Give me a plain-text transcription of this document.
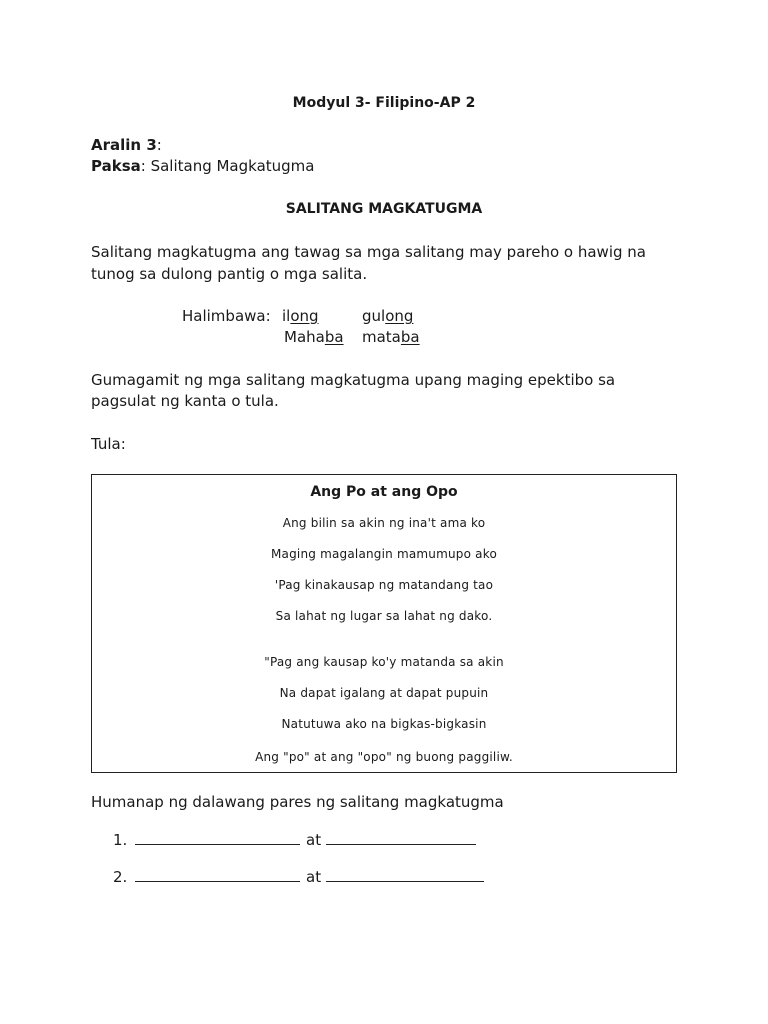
Modyul 3- Filipino-AP 2
Aralin 3:
Paksa: Salitang Magkatugma
SALITANG MAGKATUGMA
Salitang magkatugma ang tawag sa mga salitang may pareho o hawig na
tunog sa dulong pantig o mga salita.
Halimbawa: ilong	gulong
Mahaba mataba
Gumagamit ng mga salitang magkatugma upang maging epektibo sa
pagsulat ng kanta o tula.
Tula:
Ang Po at ang Opo
Ang bilin sa akin ng ina't ama ko
Maging magalangin mamumupo ako
'Pag kinakausap ng matandang tao
Sa lahat ng lugar sa lahat ng dako.
"Pag ang kausap ko'y matanda sa akin
Na dapat igalang at dapat pupuin
Natutuwa ako na bigkas-bigkasin
Ang "po" at ang "opo" ng buong paggiliw.
Humanap ng dalawang pares ng salitang magkatugma
1.	at
2.	at
